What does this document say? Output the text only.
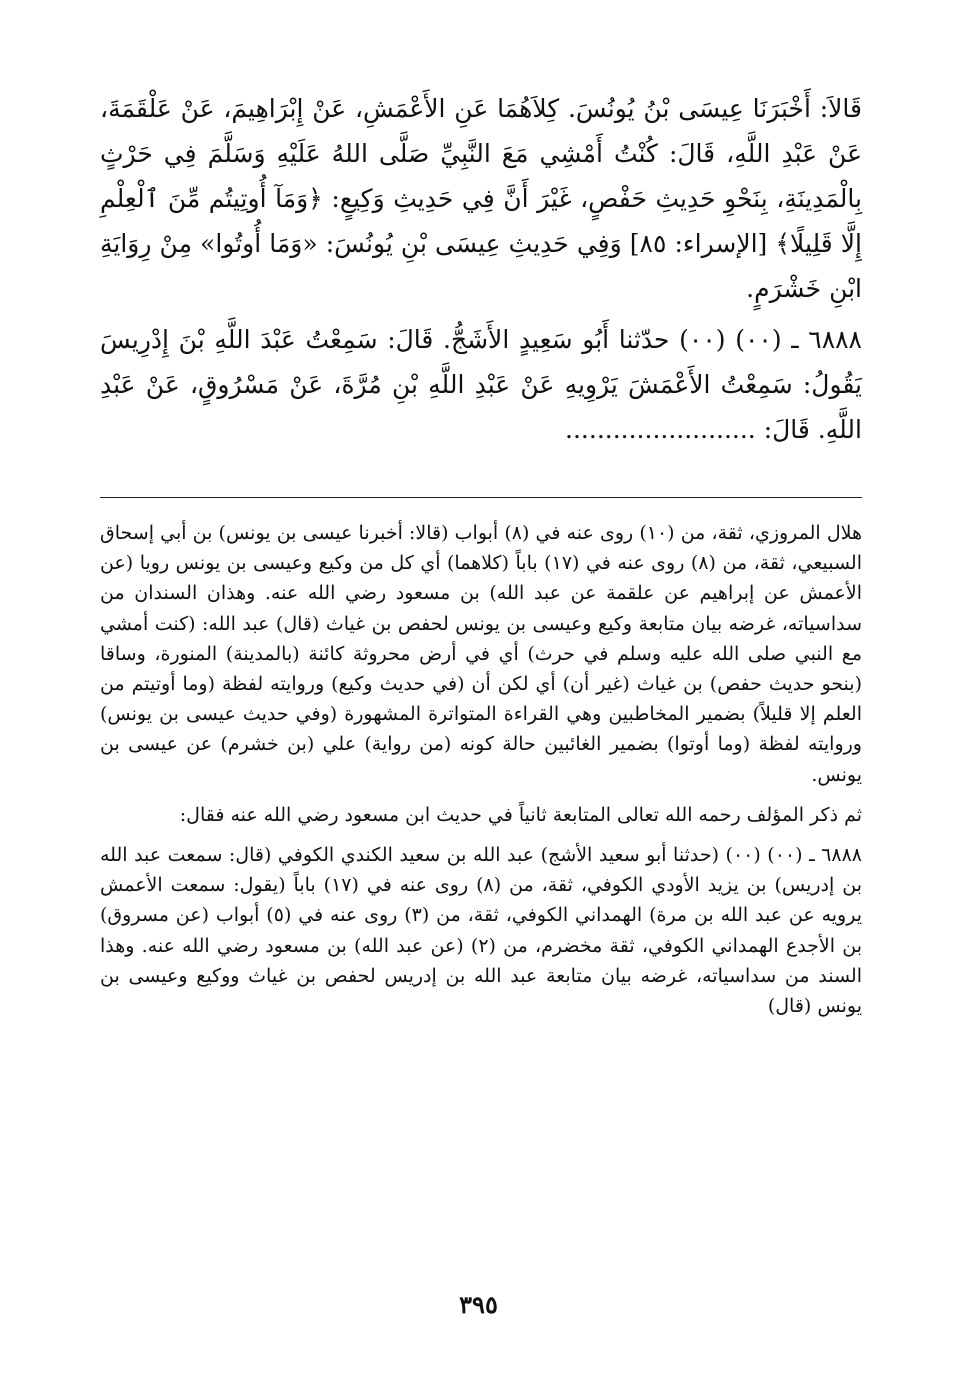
قَالاَ: أَخْبَرَنَا عِيسَى بْنُ يُونُسَ. كِلاَهُمَا عَنِ الأَعْمَشِ، عَنْ إِبْرَاهِيمَ، عَنْ عَلْقَمَةَ، عَنْ عَبْدِ اللَّهِ، قَالَ: كُنْتُ أَمْشِي مَعَ النَّبِيِّ صَلَّى اللهُ عَلَيْهِ وَسَلَّمَ فِي حَرْثٍ بِالْمَدِينَةِ، بِنَحْوِ حَدِيثِ حَفْصٍ، غَيْرَ أَنَّ فِي حَدِيثِ وَكِيعٍ: ﴿وَمَآ أُوتِيتُم مِّنَ ٱلْعِلْمِ إِلَّا قَلِيلًا﴾ [الإسراء: ٨٥] وَفِي حَدِيثِ عِيسَى بْنِ يُونُسَ: «وَمَا أُوتُوا» مِنْ رِوَايَةِ ابْنِ خَشْرَمٍ.

٦٨٨٨ ـ (٠٠) (٠٠) حدّثنا أَبُو سَعِيدٍ الأَشَجُّ. قَالَ: سَمِعْتُ عَبْدَ اللَّهِ بْنَ إِدْرِيسَ يَقُولُ: سَمِعْتُ الأَعْمَشَ يَرْوِيهِ عَنْ عَبْدِ اللَّهِ بْنِ مُرَّةَ، عَنْ مَسْرُوقٍ، عَنْ عَبْدِ اللَّهِ. قَالَ: ........................

هلال المروزي، ثقة، من (١٠) روى عنه في (٨) أبواب (قالا: أخبرنا عيسى بن يونس) بن أبي إسحاق السبيعي، ثقة، من (٨) روى عنه في (١٧) باباً (كلاهما) أي كل من وكيع وعيسى بن يونس رويا (عن الأعمش عن إبراهيم عن علقمة عن عبد الله) بن مسعود رضي الله عنه. وهذان السندان من سداسياته، غرضه بيان متابعة وكيع وعيسى بن يونس لحفص بن غياث (قال) عبد الله: (كنت أمشي مع النبي صلى الله عليه وسلم في حرث) أي في أرض محروثة كائنة (بالمدينة) المنورة، وساقا (بنحو حديث حفص) بن غياث (غير أن) أي لكن أن (في حديث وكيع) وروايته لفظة (وما أوتيتم من العلم إلا قليلاً) بضمير المخاطبين وهي القراءة المتواترة المشهورة (وفي حديث عيسى بن يونس) وروايته لفظة (وما أوتوا) بضمير الغائبين حالة كونه (من رواية) علي (بن خشرم) عن عيسى بن يونس.

ثم ذكر المؤلف رحمه الله تعالى المتابعة ثانياً في حديث ابن مسعود رضي الله عنه فقال:

٦٨٨٨ ـ (٠٠) (٠٠) (حدثنا أبو سعيد الأشج) عبد الله بن سعيد الكندي الكوفي (قال: سمعت عبد الله بن إدريس) بن يزيد الأودي الكوفي، ثقة، من (٨) روى عنه في (١٧) باباً (يقول: سمعت الأعمش يرويه عن عبد الله بن مرة) الهمداني الكوفي، ثقة، من (٣) روى عنه في (٥) أبواب (عن مسروق) بن الأجدع الهمداني الكوفي، ثقة مخضرم، من (٢) (عن عبد الله) بن مسعود رضي الله عنه. وهذا السند من سداسياته، غرضه بيان متابعة عبد الله بن إدريس لحفص بن غياث ووكيع وعيسى بن يونس (قال)

٣٩٥
